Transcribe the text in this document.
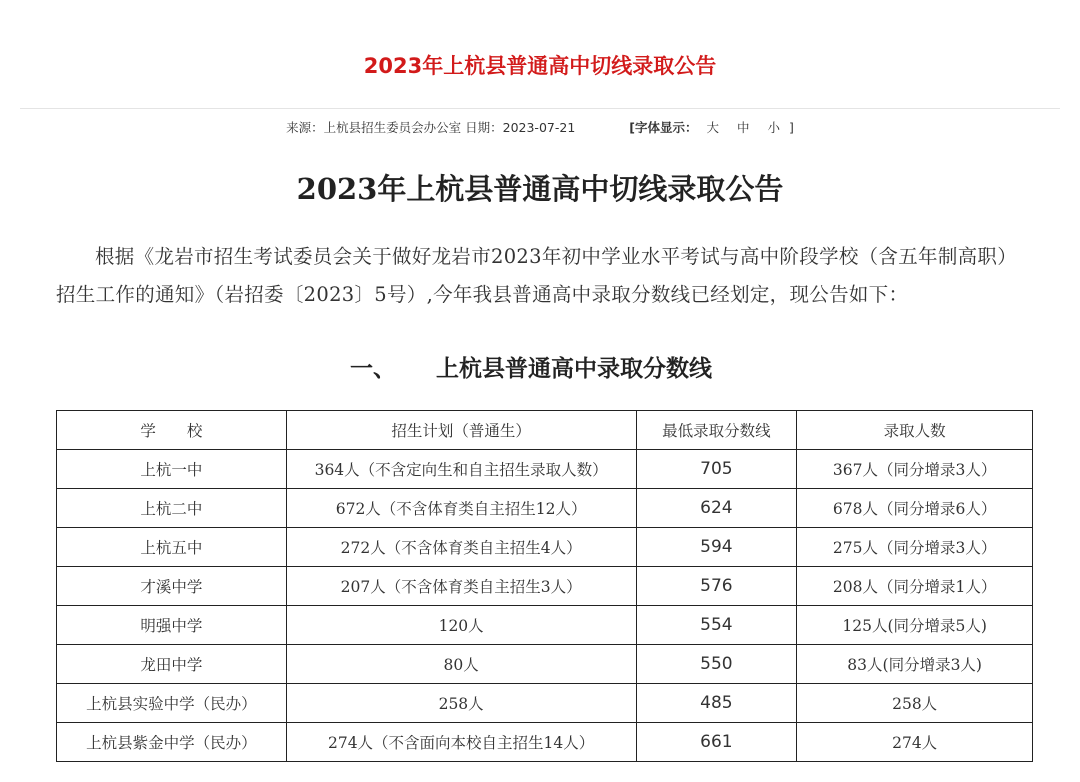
2023年上杭县普通高中切线录取公告
来源：上杭县招生委员会办公室 日期：2023-07-21	[字体显示： 大 中 小 ]
2023年上杭县普通高中切线录取公告

根据《龙岩市招生考试委员会关于做好龙岩市2023年初中学业水平考试与高中阶段学校（含五年制高职）招生工作的通知》（岩招委〔2023〕5号）,今年我县普通高中录取分数线已经划定，现公告如下：

一、 上杭县普通高中录取分数线
学　　校	招生计划（普通生）	最低录取分数线	录取人数
上杭一中	364人（不含定向生和自主招生录取人数）	705	367人（同分增录3人）
上杭二中	672人（不含体育类自主招生12人）	624	678人（同分增录6人）
上杭五中	272人（不含体育类自主招生4人）	594	275人（同分增录3人）
才溪中学	207人（不含体育类自主招生3人）	576	208人（同分增录1人）
明强中学	120人	554	125人(同分增录5人)
龙田中学	80人	550	83人(同分增录3人)
上杭县实验中学（民办）	258人	485	258人
上杭县紫金中学（民办）	274人（不含面向本校自主招生14人）	661	274人
